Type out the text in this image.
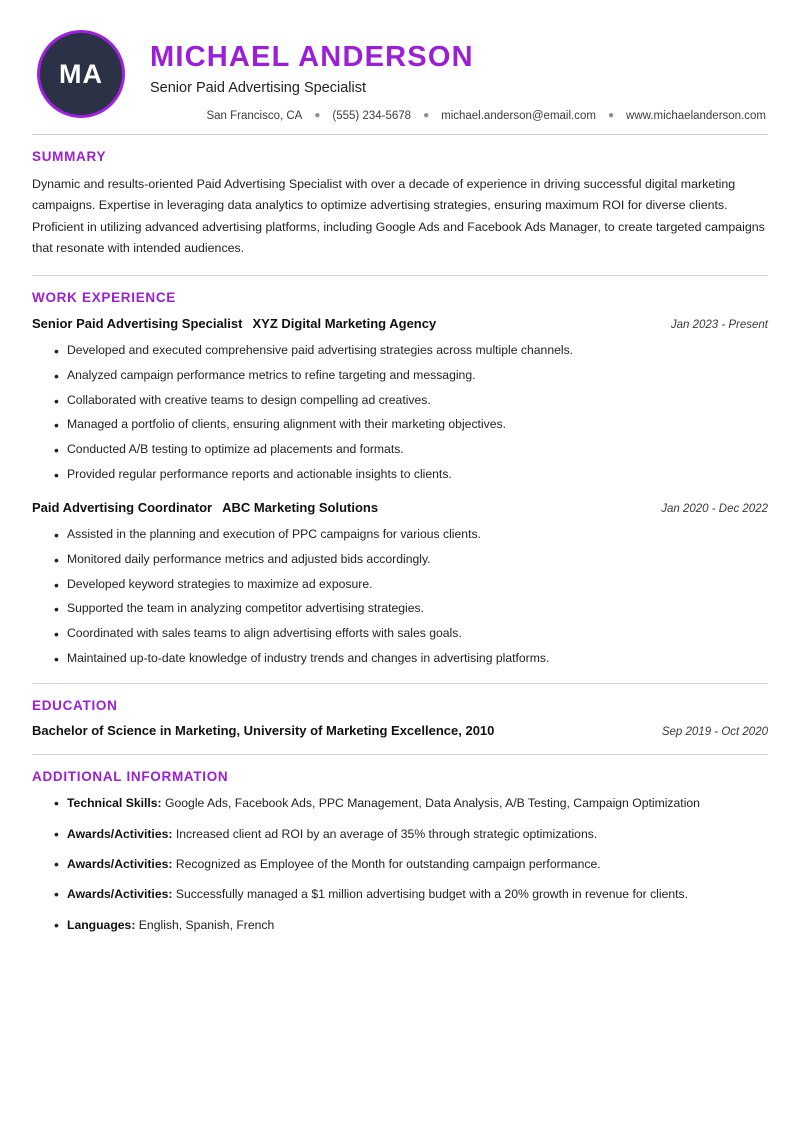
MA
MICHAEL ANDERSON
Senior Paid Advertising Specialist
San Francisco, CA ● (555) 234-5678 ● michael.anderson@email.com ● www.michaelanderson.com
SUMMARY

Dynamic and results-oriented Paid Advertising Specialist with over a decade of experience in driving successful digital marketing campaigns. Expertise in leveraging data analytics to optimize advertising strategies, ensuring maximum ROI for diverse clients. Proficient in utilizing advanced advertising platforms, including Google Ads and Facebook Ads Manager, to create targeted campaigns that resonate with intended audiences.

WORK EXPERIENCE
Senior Paid Advertising Specialist XYZ Digital Marketing Agency	Jan 2023 - Present
• Developed and executed comprehensive paid advertising strategies across multiple channels.
• Analyzed campaign performance metrics to refine targeting and messaging.
• Collaborated with creative teams to design compelling ad creatives.
• Managed a portfolio of clients, ensuring alignment with their marketing objectives.
• Conducted A/B testing to optimize ad placements and formats.
• Provided regular performance reports and actionable insights to clients.
Paid Advertising Coordinator ABC Marketing Solutions	Jan 2020 - Dec 2022
• Assisted in the planning and execution of PPC campaigns for various clients.
• Monitored daily performance metrics and adjusted bids accordingly.
• Developed keyword strategies to maximize ad exposure.
• Supported the team in analyzing competitor advertising strategies.
• Coordinated with sales teams to align advertising efforts with sales goals.
• Maintained up-to-date knowledge of industry trends and changes in advertising platforms.
EDUCATION
Bachelor of Science in Marketing, University of Marketing Excellence, 2010	Sep 2019 - Oct 2020
ADDITIONAL INFORMATION
• Technical Skills: Google Ads, Facebook Ads, PPC Management, Data Analysis, A/B Testing, Campaign Optimization
• Awards/Activities: Increased client ad ROI by an average of 35% through strategic optimizations.
• Awards/Activities: Recognized as Employee of the Month for outstanding campaign performance.
• Awards/Activities: Successfully managed a $1 million advertising budget with a 20% growth in revenue for clients.
• Languages: English, Spanish, French
